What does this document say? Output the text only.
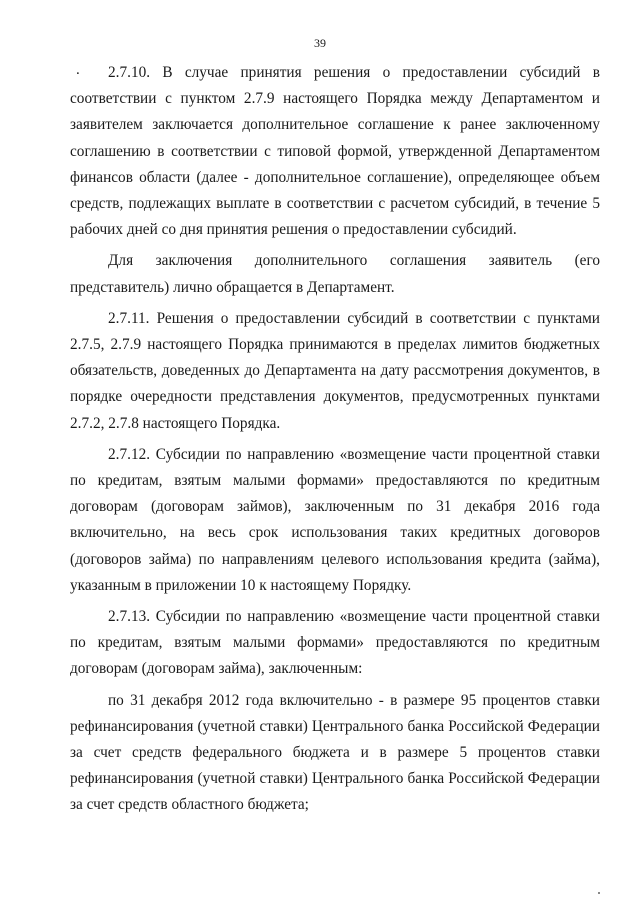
39
.	2.7.10. В случае принятия решения о предоставлении субсидий в соответствии с пунктом 2.7.9 настоящего Порядка между Департаментом и заявителем заключается дополнительное соглашение к ранее заключенному соглашению в соответствии с типовой формой, утвержденной Департаментом финансов области (далее - дополнительное соглашение), определяющее объем средств, подлежащих выплате в соответствии с расчетом субсидий, в течение 5 рабочих дней со дня принятия решения о предоставлении субсидий.

Для заключения дополнительного соглашения заявитель (его представитель) лично обращается в Департамент.

2.7.11. Решения о предоставлении субсидий в соответствии с пунктами 2.7.5, 2.7.9 настоящего Порядка принимаются в пределах лимитов бюджетных обязательств, доведенных до Департамента на дату рассмотрения документов, в порядке очередности представления документов, предусмотренных пунктами 2.7.2, 2.7.8 настоящего Порядка.

2.7.12. Субсидии по направлению «возмещение части процентной ставки по кредитам, взятым малыми формами» предоставляются по кредитным договорам (договорам займов), заключенным по 31 декабря 2016 года включительно, на весь срок использования таких кредитных договоров (договоров займа) по направлениям целевого использования кредита (займа), указанным в приложении 10 к настоящему Порядку.

2.7.13. Субсидии по направлению «возмещение части процентной ставки по кредитам, взятым малыми формами» предоставляются по кредитным договорам (договорам займа), заключенным:

по 31 декабря 2012 года включительно - в размере 95 процентов ставки рефинансирования (учетной ставки) Центрального банка Российской Федерации за счет средств федерального бюджета и в размере 5 процентов ставки рефинансирования (учетной ставки) Центрального банка Российской Федерации за счет средств областного бюджета;
